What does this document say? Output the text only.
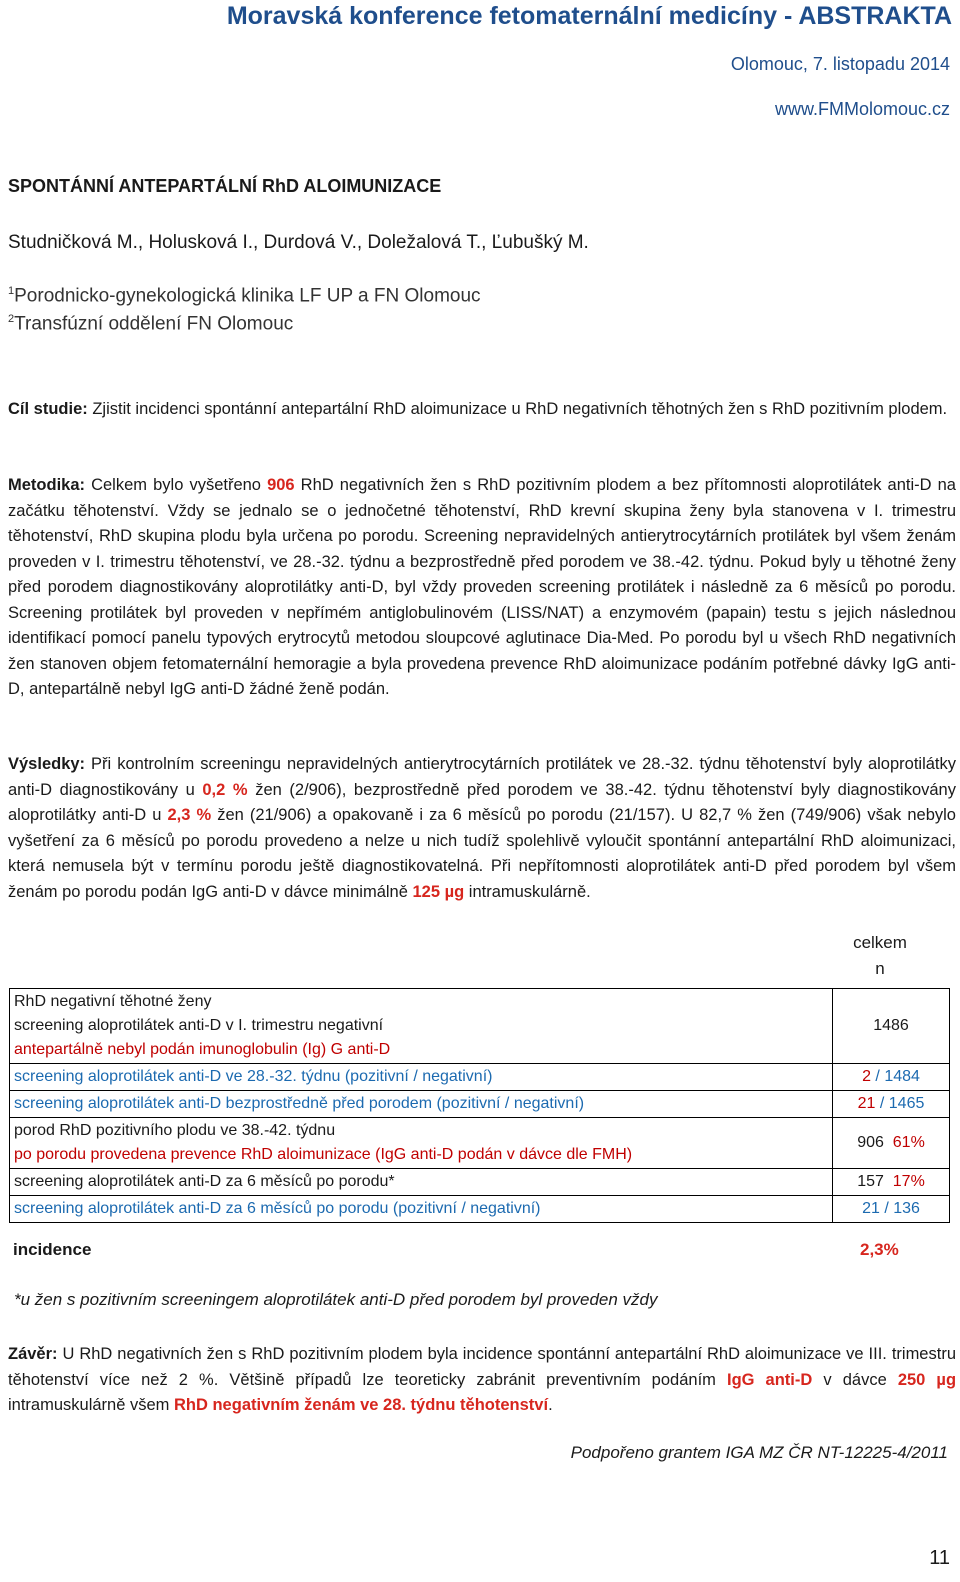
Moravská konference fetomaternální medicíny - ABSTRAKTA
Olomouc, 7. listopadu 2014
www.FMMolomouc.cz
SPONTÁNNÍ ANTEPARTÁLNÍ RhD ALOIMUNIZACE
Studničková M., Holusková I., Durdová V., Doležalová T., Ľubušký M.
$^1$Porodnicko-gynekologická klinika LF UP a FN Olomouc
$^2$Transfúzní oddělení FN Olomouc
Cíl studie: Zjistit incidenci spontánní antepartální RhD aloimunizace u RhD negativních těhotných žen s RhD pozitivním plodem.
Metodika: Celkem bylo vyšetřeno 906 RhD negativních žen s RhD pozitivním plodem a bez přítomnosti aloprotilátek anti-D na začátku těhotenství. Vždy se jednalo se o jednočetné těhotenství, RhD krevní skupina ženy byla stanovena v I. trimestru těhotenství, RhD skupina plodu byla určena po porodu. Screening nepravidelných antierytrocytárních protilátek byl všem ženám proveden v I. trimestru těhotenství, ve 28.-32. týdnu a bezprostředně před porodem ve 38.-42. týdnu. Pokud byly u těhotné ženy před porodem diagnostikovány aloprotilátky anti-D, byl vždy proveden screening protilátek i následně za 6 měsíců po porodu. Screening protilátek byl proveden v nepřímém antiglobulinovém (LISS/NAT) a enzymovém (papain) testu s jejich následnou identifikací pomocí panelu typových erytrocytů metodou sloupcové aglutinace Dia-Med. Po porodu byl u všech RhD negativních žen stanoven objem fetomaternální hemoragie a byla provedena prevence RhD aloimunizace podáním potřebné dávky IgG anti-D, antepartálně nebyl IgG anti-D žádné ženě podán.
Výsledky: Při kontrolním screeningu nepravidelných antierytrocytárních protilátek ve 28.-32. týdnu těhotenství byly aloprotilátky anti-D diagnostikovány u 0,2 % žen (2/906), bezprostředně před porodem ve 38.-42. týdnu těhotenství byly diagnostikovány aloprotilátky anti-D u 2,3 % žen (21/906) a opakovaně i za 6 měsíců po porodu (21/157). U 82,7 % žen (749/906) však nebylo vyšetření za 6 měsíců po porodu provedeno a nelze u nich tudíž spolehlivě vyloučit spontánní antepartální RhD aloimunizaci, která nemusela být v termínu porodu ještě diagnostikovatelná. Při nepřítomnosti aloprotilátek anti-D před porodem byl všem ženám po porodu podán IgG anti-D v dávce minimálně 125 µg intramuskulárně.
celkem
n
RhD negativní těhotné ženy
screening aloprotilátek anti-D v I. trimestru negativní
antepartálně nebyl podán imunoglobulin (Ig) G anti-D	1486
screening aloprotilátek anti-D ve 28.-32. týdnu (pozitivní / negativní)	2 / 1484
screening aloprotilátek anti-D bezprostředně před porodem (pozitivní / negativní)	21 / 1465

porod RhD pozitivního plodu ve 38.-42. týdnu
po porodu provedena prevence RhD aloimunizace (IgG anti-D podán v dávce dle FMH)	906 61%
screening aloprotilátek anti-D za 6 měsíců po porodu*	157 17%
screening aloprotilátek anti-D za 6 měsíců po porodu (pozitivní / negativní)	21 / 136
incidence	2,3%
*u žen s pozitivním screeningem aloprotilátek anti-D před porodem byl proveden vždy
Závěr: U RhD negativních žen s RhD pozitivním plodem byla incidence spontánní antepartální RhD aloimunizace ve III. trimestru těhotenství více než 2 %. Většině případů lze teoreticky zabránit preventivním podáním IgG anti-D v dávce 250 µg intramuskulárně všem RhD negativním ženám ve 28. týdnu těhotenství.
Podpořeno grantem IGA MZ ČR NT-12225-4/2011
11
